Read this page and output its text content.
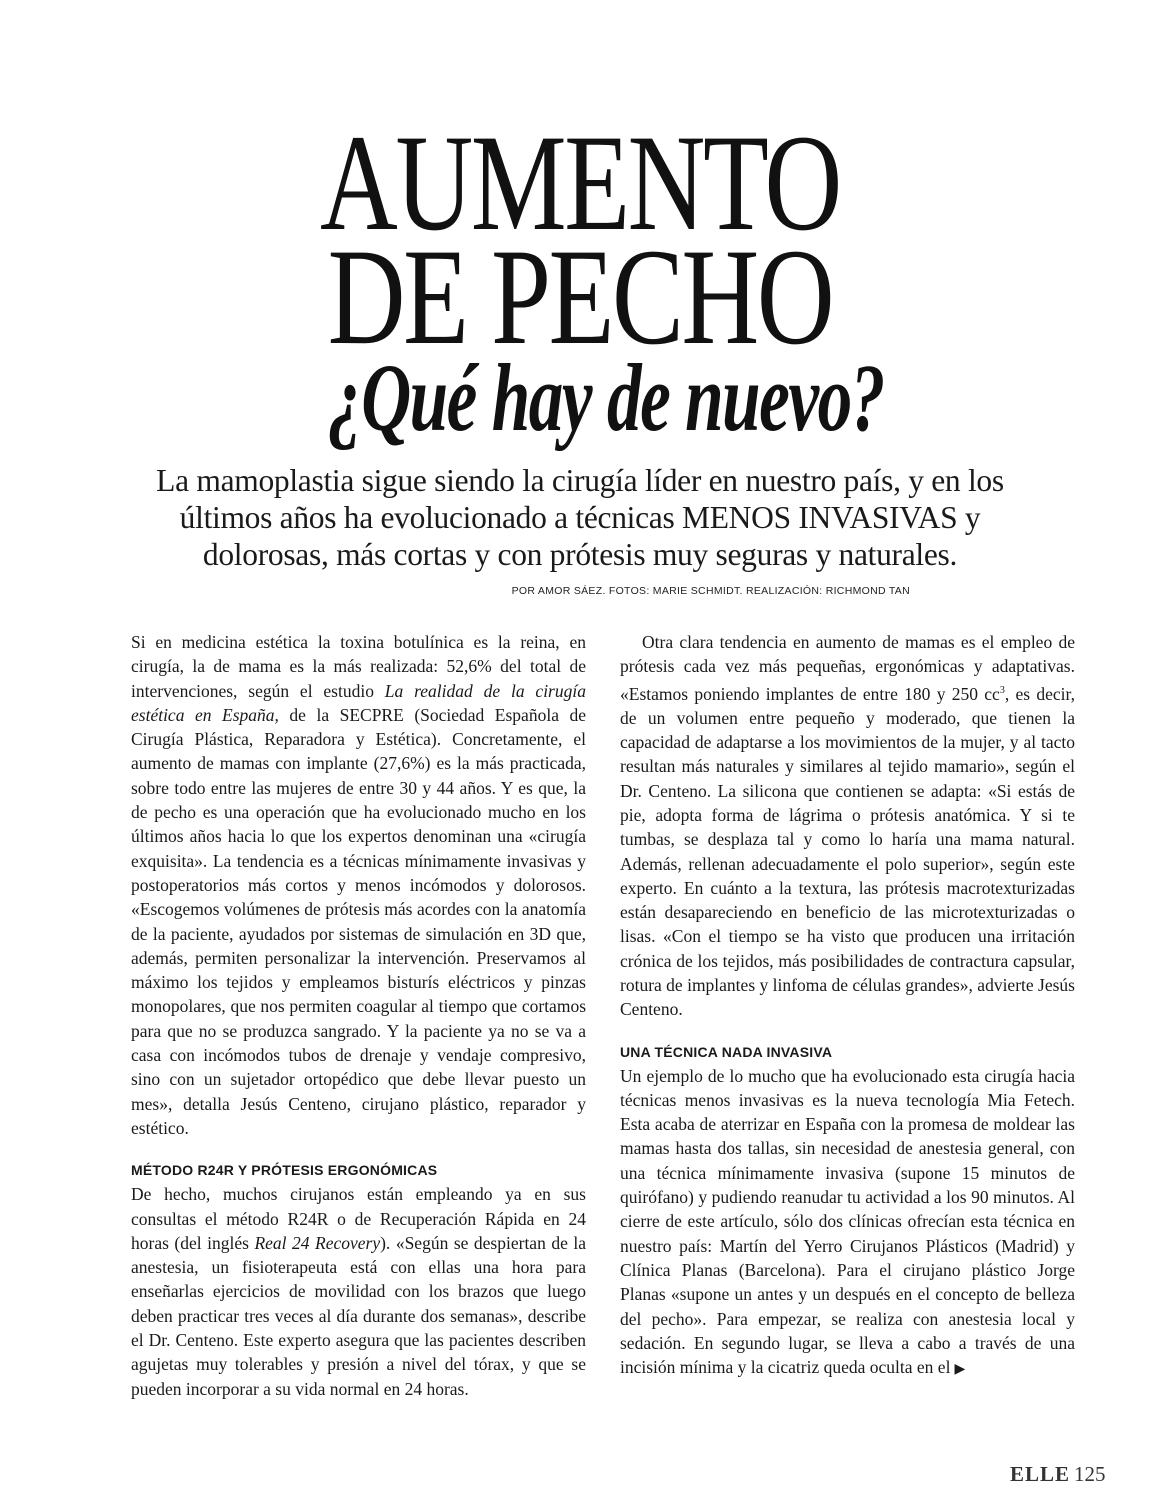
AUMENTO
DE PECHO
¿Qué hay de nuevo?

La mamoplastia sigue siendo la cirugía líder en nuestro país, y en los últimos años ha evolucionado a técnicas MENOS INVASIVAS y dolorosas, más cortas y con prótesis muy seguras y naturales.

POR AMOR SÁEZ. FOTOS: MARIE SCHMIDT. REALIZACIÓN: RICHMOND TAN

Si en medicina estética la toxina botulínica es la reina, en cirugía, la de mama es la más realizada: 52,6% del total de intervenciones, según el estudio La realidad de la cirugía estética en España, de la SECPRE (Sociedad Española de Cirugía Plástica, Reparadora y Estética). Concretamente, el aumento de mamas con implante (27,6%) es la más practicada, sobre todo entre las mujeres de entre 30 y 44 años. Y es que, la de pecho es una operación que ha evolucionado mucho en los últimos años hacia lo que los expertos denominan una «cirugía exquisita». La tendencia es a técnicas mínimamente invasivas y postoperatorios más cortos y menos incómodos y dolorosos. «Escogemos volúmenes de prótesis más acordes con la anatomía de la paciente, ayudados por sistemas de simulación en 3D que, además, permiten personalizar la intervención. Preservamos al máximo los tejidos y empleamos bisturís eléctricos y pinzas monopolares, que nos permiten coagular al tiempo que cortamos para que no se produzca sangrado. Y la paciente ya no se va a casa con incómodos tubos de drenaje y vendaje compresivo, sino con un sujetador ortopédico que debe llevar puesto un mes», detalla Jesús Centeno, cirujano plástico, reparador y estético.

MÉTODO R24R Y PRÓTESIS ERGONÓMICAS

De hecho, muchos cirujanos están empleando ya en sus consultas el método R24R o de Recuperación Rápida en 24 horas (del inglés Real 24 Recovery). «Según se despiertan de la anestesia, un fisioterapeuta está con ellas una hora para enseñarlas ejercicios de movilidad con los brazos que luego deben practicar tres veces al día durante dos semanas», describe el Dr. Centeno. Este experto asegura que las pacientes describen agujetas muy tolerables y presión a nivel del tórax, y que se pueden incorporar a su vida normal en 24 horas.

Otra clara tendencia en aumento de mamas es el empleo de prótesis cada vez más pequeñas, ergonómicas y adaptativas. «Estamos poniendo implantes de entre 180 y 250 $cc^3$, es decir, de un volumen entre pequeño y moderado, que tienen la capacidad de adaptarse a los movimientos de la mujer, y al tacto resultan más naturales y similares al tejido mamario», según el Dr. Centeno. La silicona que contienen se adapta: «Si estás de pie, adopta forma de lágrima o prótesis anatómica. Y si te tumbas, se desplaza tal y como lo haría una mama natural. Además, rellenan adecuadamente el polo superior», según este experto. En cuánto a la textura, las prótesis macrotexturizadas están desapareciendo en beneficio de las microtexturizadas o lisas. «Con el tiempo se ha visto que producen una irritación crónica de los tejidos, más posibilidades de contractura capsular, rotura de implantes y linfoma de células grandes», advierte Jesús Centeno.

UNA TÉCNICA NADA INVASIVA

Un ejemplo de lo mucho que ha evolucionado esta cirugía hacia técnicas menos invasivas es la nueva tecnología Mia Fetech. Esta acaba de aterrizar en España con la promesa de moldear las mamas hasta dos tallas, sin necesidad de anestesia general, con una técnica mínimamente invasiva (supone 15 minutos de quirófano) y pudiendo reanudar tu actividad a los 90 minutos. Al cierre de este artículo, sólo dos clínicas ofrecían esta técnica en nuestro país: Martín del Yerro Cirujanos Plásticos (Madrid) y Clínica Planas (Barcelona). Para el cirujano plástico Jorge Planas «supone un antes y un después en el concepto de belleza del pecho». Para empezar, se realiza con anestesia local y sedación. En segundo lugar, se lleva a cabo a través de una incisión mínima y la cicatriz queda oculta en el ▶

ELLE 125
